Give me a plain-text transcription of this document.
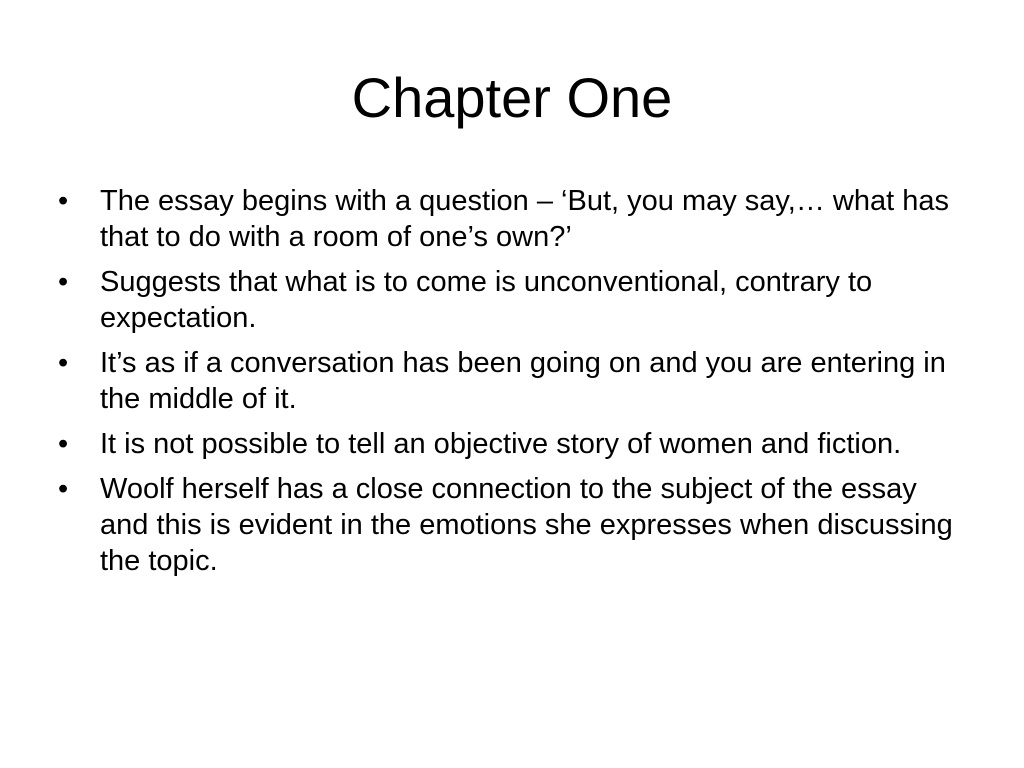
Chapter One
•	The essay begins with a question – ‘But, you may say,… what has that to do with a room of one’s own?’
•	Suggests that what is to come is unconventional, contrary to expectation.
•	It’s as if a conversation has been going on and you are entering in the middle of it.
•	It is not possible to tell an objective story of women and fiction.
•	Woolf herself has a close connection to the subject of the essay and this is evident in the emotions she expresses when discussing the topic.
